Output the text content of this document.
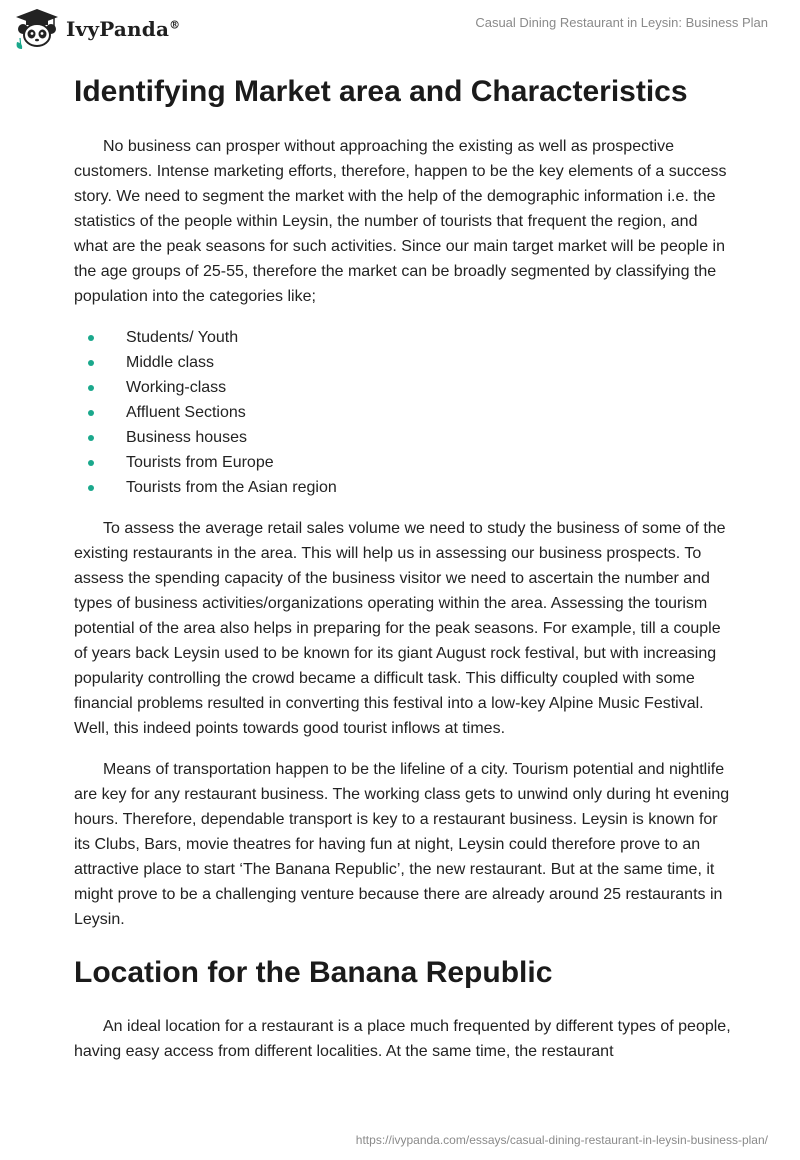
IvyPanda®	Casual Dining Restaurant in Leysin: Business Plan
Identifying Market area and Characteristics

No business can prosper without approaching the existing as well as prospective customers. Intense marketing efforts, therefore, happen to be the key elements of a success story. We need to segment the market with the help of the demographic information i.e. the statistics of the people within Leysin, the number of tourists that frequent the region, and what are the peak seasons for such activities. Since our main target market will be people in the age groups of 25-55, therefore the market can be broadly segmented by classifying the population into the categories like;

Students/ Youth
Middle class
Working-class
Affluent Sections
Business houses
Tourists from Europe
Tourists from the Asian region

To assess the average retail sales volume we need to study the business of some of the existing restaurants in the area. This will help us in assessing our business prospects. To assess the spending capacity of the business visitor we need to ascertain the number and types of business activities/organizations operating within the area. Assessing the tourism potential of the area also helps in preparing for the peak seasons. For example, till a couple of years back Leysin used to be known for its giant August rock festival, but with increasing popularity controlling the crowd became a difficult task. This difficulty coupled with some financial problems resulted in converting this festival into a low-key Alpine Music Festival. Well, this indeed points towards good tourist inflows at times.

Means of transportation happen to be the lifeline of a city. Tourism potential and nightlife are key for any restaurant business. The working class gets to unwind only during ht evening hours. Therefore, dependable transport is key to a restaurant business. Leysin is known for its Clubs, Bars, movie theatres for having fun at night, Leysin could therefore prove to an attractive place to start ‘The Banana Republic’, the new restaurant. But at the same time, it might prove to be a challenging venture because there are already around 25 restaurants in Leysin.

Location for the Banana Republic

An ideal location for a restaurant is a place much frequented by different types of people, having easy access from different localities. At the same time, the restaurant

https://ivypanda.com/essays/casual-dining-restaurant-in-leysin-business-plan/
